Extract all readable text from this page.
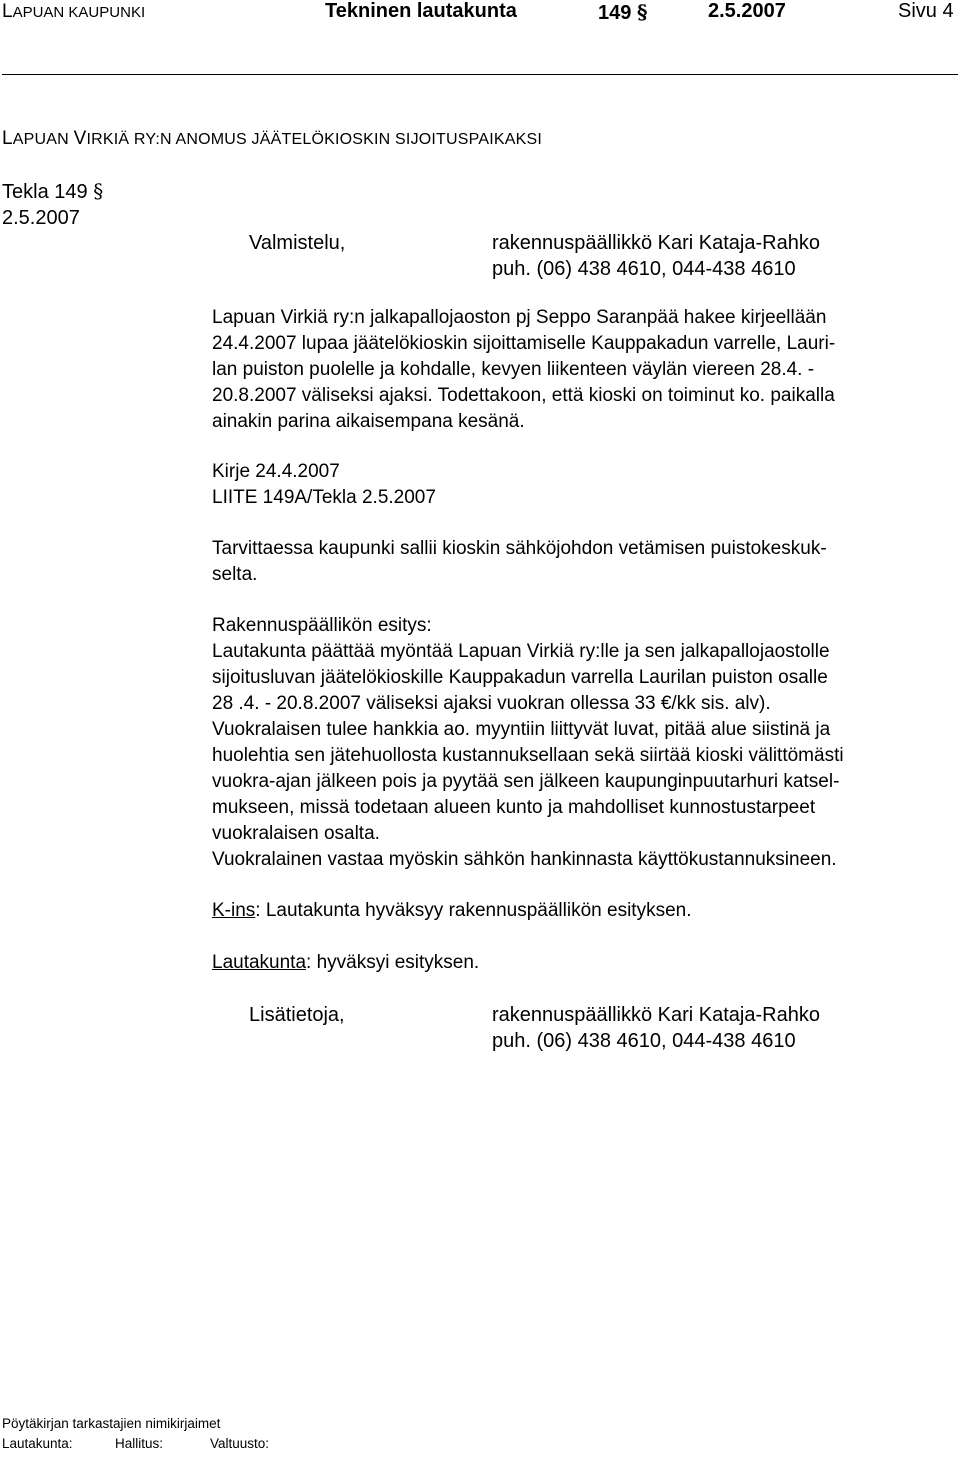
LAPUAN KAUPUNKI	Tekninen lautakunta	149 §	2.5.2007	Sivu 4
LAPUAN VIRKIÄ RY:N ANOMUS JÄÄTELÖKIOSKIN SIJOITUSPAIKAKSI
Tekla 149 §
2.5.2007
Valmistelu,	rakennuspäällikkö Kari Kataja-Rahko
puh. (06) 438 4610, 044-438 4610
Lapuan Virkiä ry:n jalkapallojaoston pj Seppo Saranpää hakee kirjeellään
24.4.2007 lupaa jäätelökioskin sijoittamiselle Kauppakadun varrelle, Lauri-
lan puiston puolelle ja kohdalle, kevyen liikenteen väylän viereen 28.4. -
20.8.2007 väliseksi ajaksi. Todettakoon, että kioski on toiminut ko. paikalla
ainakin parina aikaisempana kesänä.
Kirje 24.4.2007
LIITE 149A/Tekla 2.5.2007
Tarvittaessa kaupunki sallii kioskin sähköjohdon vetämisen puistokeskuk-
selta.
Rakennuspäällikön esitys:
Lautakunta päättää myöntää Lapuan Virkiä ry:lle ja sen jalkapallojaostolle
sijoitusluvan jäätelökioskille Kauppakadun varrella Laurilan puiston osalle
28 .4. - 20.8.2007 väliseksi ajaksi vuokran ollessa 33 €/kk sis. alv).
Vuokralaisen tulee hankkia ao. myyntiin liittyvät luvat, pitää alue siistinä ja
huolehtia sen jätehuollosta kustannuksellaan sekä siirtää kioski välittömästi
vuokra-ajan jälkeen pois ja pyytää sen jälkeen kaupunginpuutarhuri katsel-
mukseen, missä todetaan alueen kunto ja mahdolliset kunnostustarpeet
vuokralaisen osalta.
Vuokralainen vastaa myöskin sähkön hankinnasta käyttökustannuksineen.
K-ins: Lautakunta hyväksyy rakennuspäällikön esityksen.
Lautakunta: hyväksyi esityksen.
Lisätietoja,	rakennuspäällikkö Kari Kataja-Rahko
puh. (06) 438 4610, 044-438 4610
Pöytäkirjan tarkastajien nimikirjaimet
Lautakunta:	Hallitus:	Valtuusto:
